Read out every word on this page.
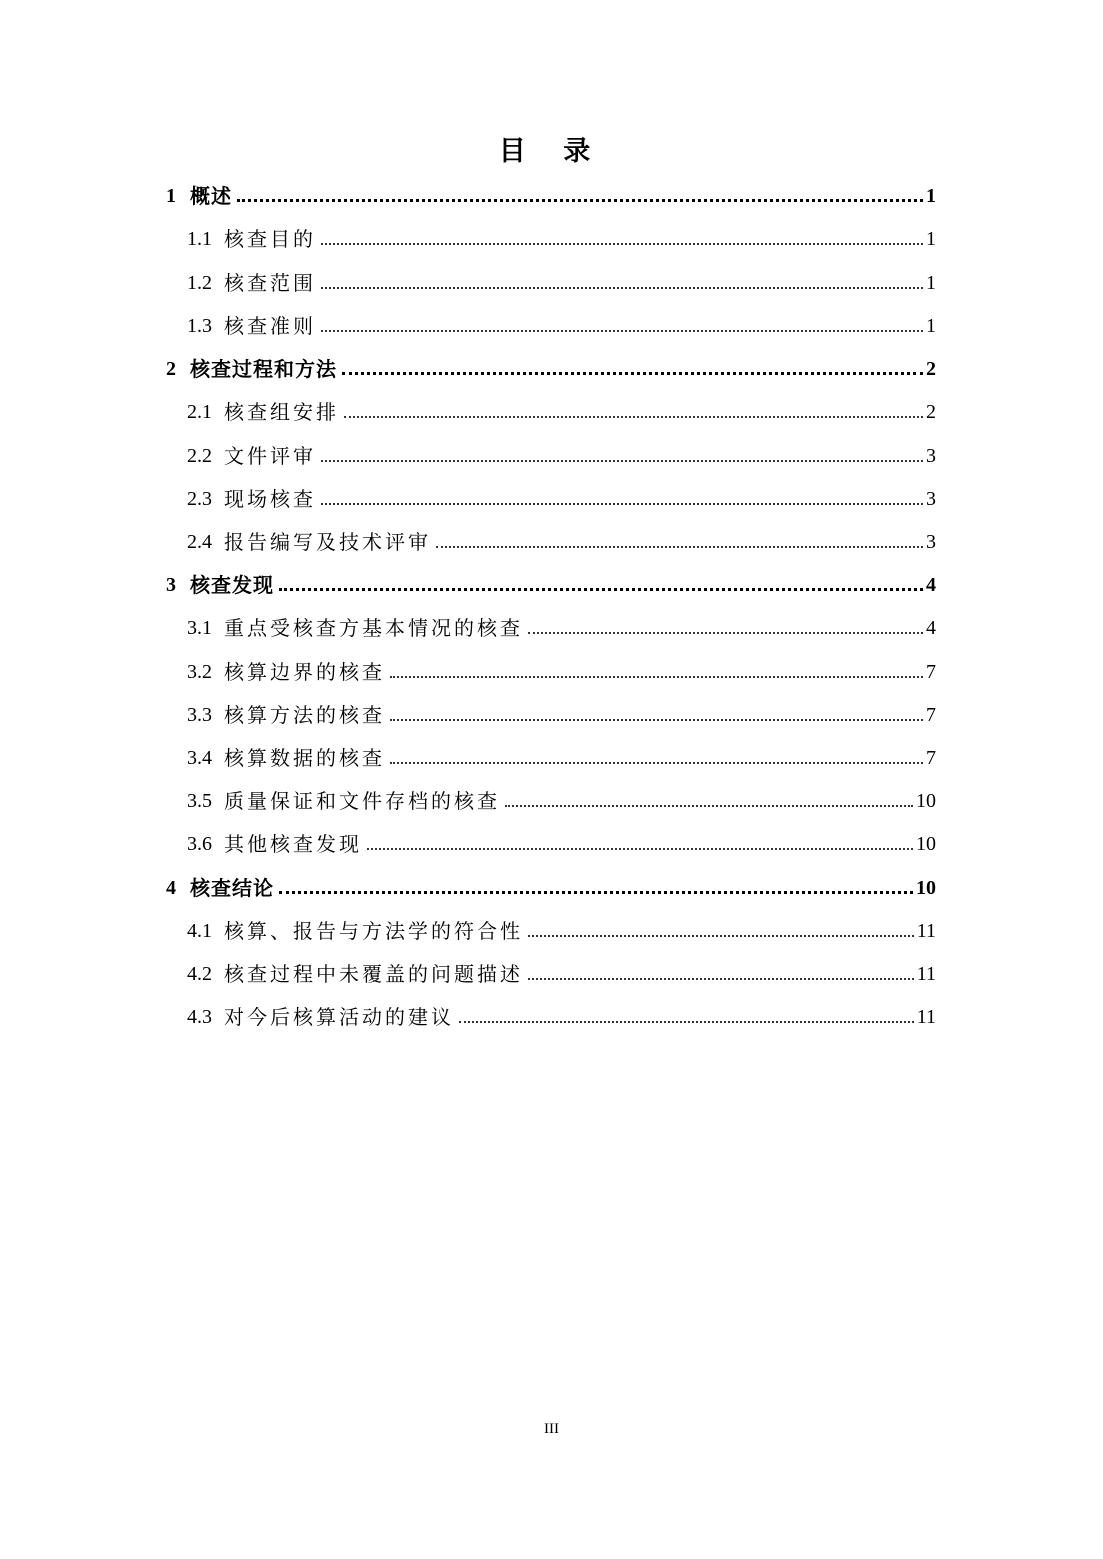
目 录
1 概述	1
1.1 核查目的	1
1.2 核查范围	1
1.3 核查准则	1
2 核查过程和方法	2
2.1 核查组安排	2
2.2 文件评审	3
2.3 现场核查	3
2.4 报告编写及技术评审	3
3 核查发现	4
3.1 重点受核查方基本情况的核查	4
3.2 核算边界的核查	7
3.3 核算方法的核查	7
3.4 核算数据的核查	7
3.5 质量保证和文件存档的核查	10
3.6 其他核查发现	10
4 核查结论	10
4.1 核算、报告与方法学的符合性	11
4.2 核查过程中未覆盖的问题描述	11
4.3 对今后核算活动的建议	11
III
